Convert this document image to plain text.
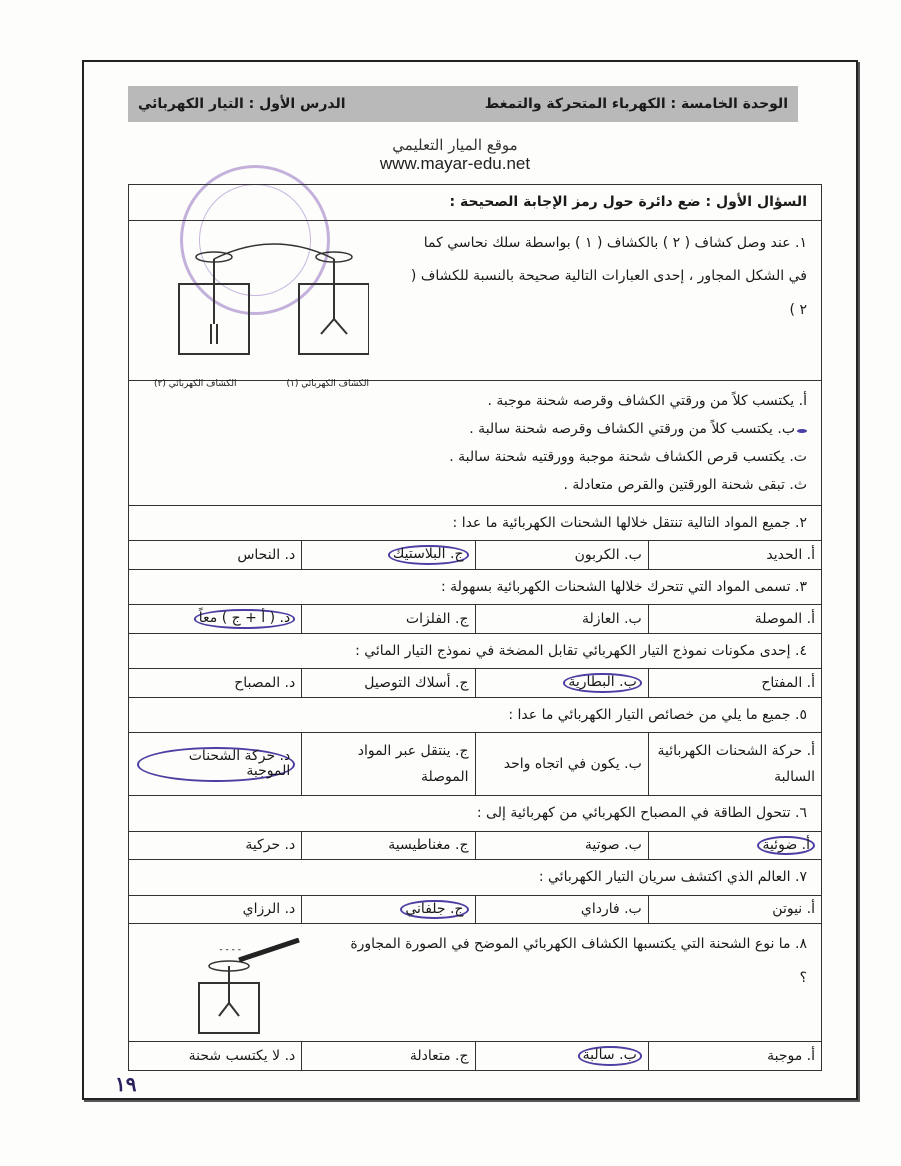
الوحدة الخامسة : الكهرباء المتحركة والتمغط
الدرس الأول : التيار الكهربائي
موقع الميار التعليمي
www.mayar-edu.net
السؤال الأول : ضع دائرة حول رمز الإجابة الصحيحة :
١. عند وصل كشاف ( ٢ ) بالكشاف ( ١ ) بواسطة سلك نحاسي كما في الشكل المجاور ، إحدى العبارات التالية صحيحة بالنسبة للكشاف ( ٢ )
الكشاف الكهربائي (١)
الكشاف الكهربائي (٢)
أ. يكتسب كلاً من ورقتي الكشاف وقرصه شحنة موجبة .
ب. يكتسب كلاً من ورقتي الكشاف وقرصه شحنة سالبة .
ت. يكتسب قرص الكشاف شحنة موجبة وورقتيه شحنة سالبة .
ث. تبقى شحنة الورقتين والقرص متعادلة .
٢. جميع المواد التالية تنتقل خلالها الشحنات الكهربائية ما عدا :
أ. الحديد
ب. الكربون
ج. البلاستيك
د. النحاس
٣. تسمى المواد التي تتحرك خلالها الشحنات الكهربائية بسهولة :
أ. الموصلة
ب. العازلة
ج. الفلزات
د. ( أ + ج ) معاً
٤. إحدى مكونات نموذج التيار الكهربائي تقابل المضخة في نموذج التيار المائي :
أ. المفتاح
ب. البطارية
ج. أسلاك التوصيل
د. المصباح
٥. جميع ما يلي من خصائص التيار الكهربائي ما عدا :
أ. حركة الشحنات الكهربائية السالبة
ب. يكون في اتجاه واحد
ج. ينتقل عبر المواد الموصلة
د. حركة الشحنات الموجبة
٦. تتحول الطاقة في المصباح الكهربائي من كهربائية إلى :
أ. ضوئية
ب. صوتية
ج. مغناطيسية
د. حركية
٧. العالم الذي اكتشف سريان التيار الكهربائي :
أ. نيوتن
ب. فارداي
ج. جلفاني
د. الرزاي
٨. ما نوع الشحنة التي يكتسبها الكشاف الكهربائي الموضح في الصورة المجاورة ؟
- - - -
أ. موجبة
ب. سالبة
ج. متعادلة
د. لا يكتسب شحنة
١٩
